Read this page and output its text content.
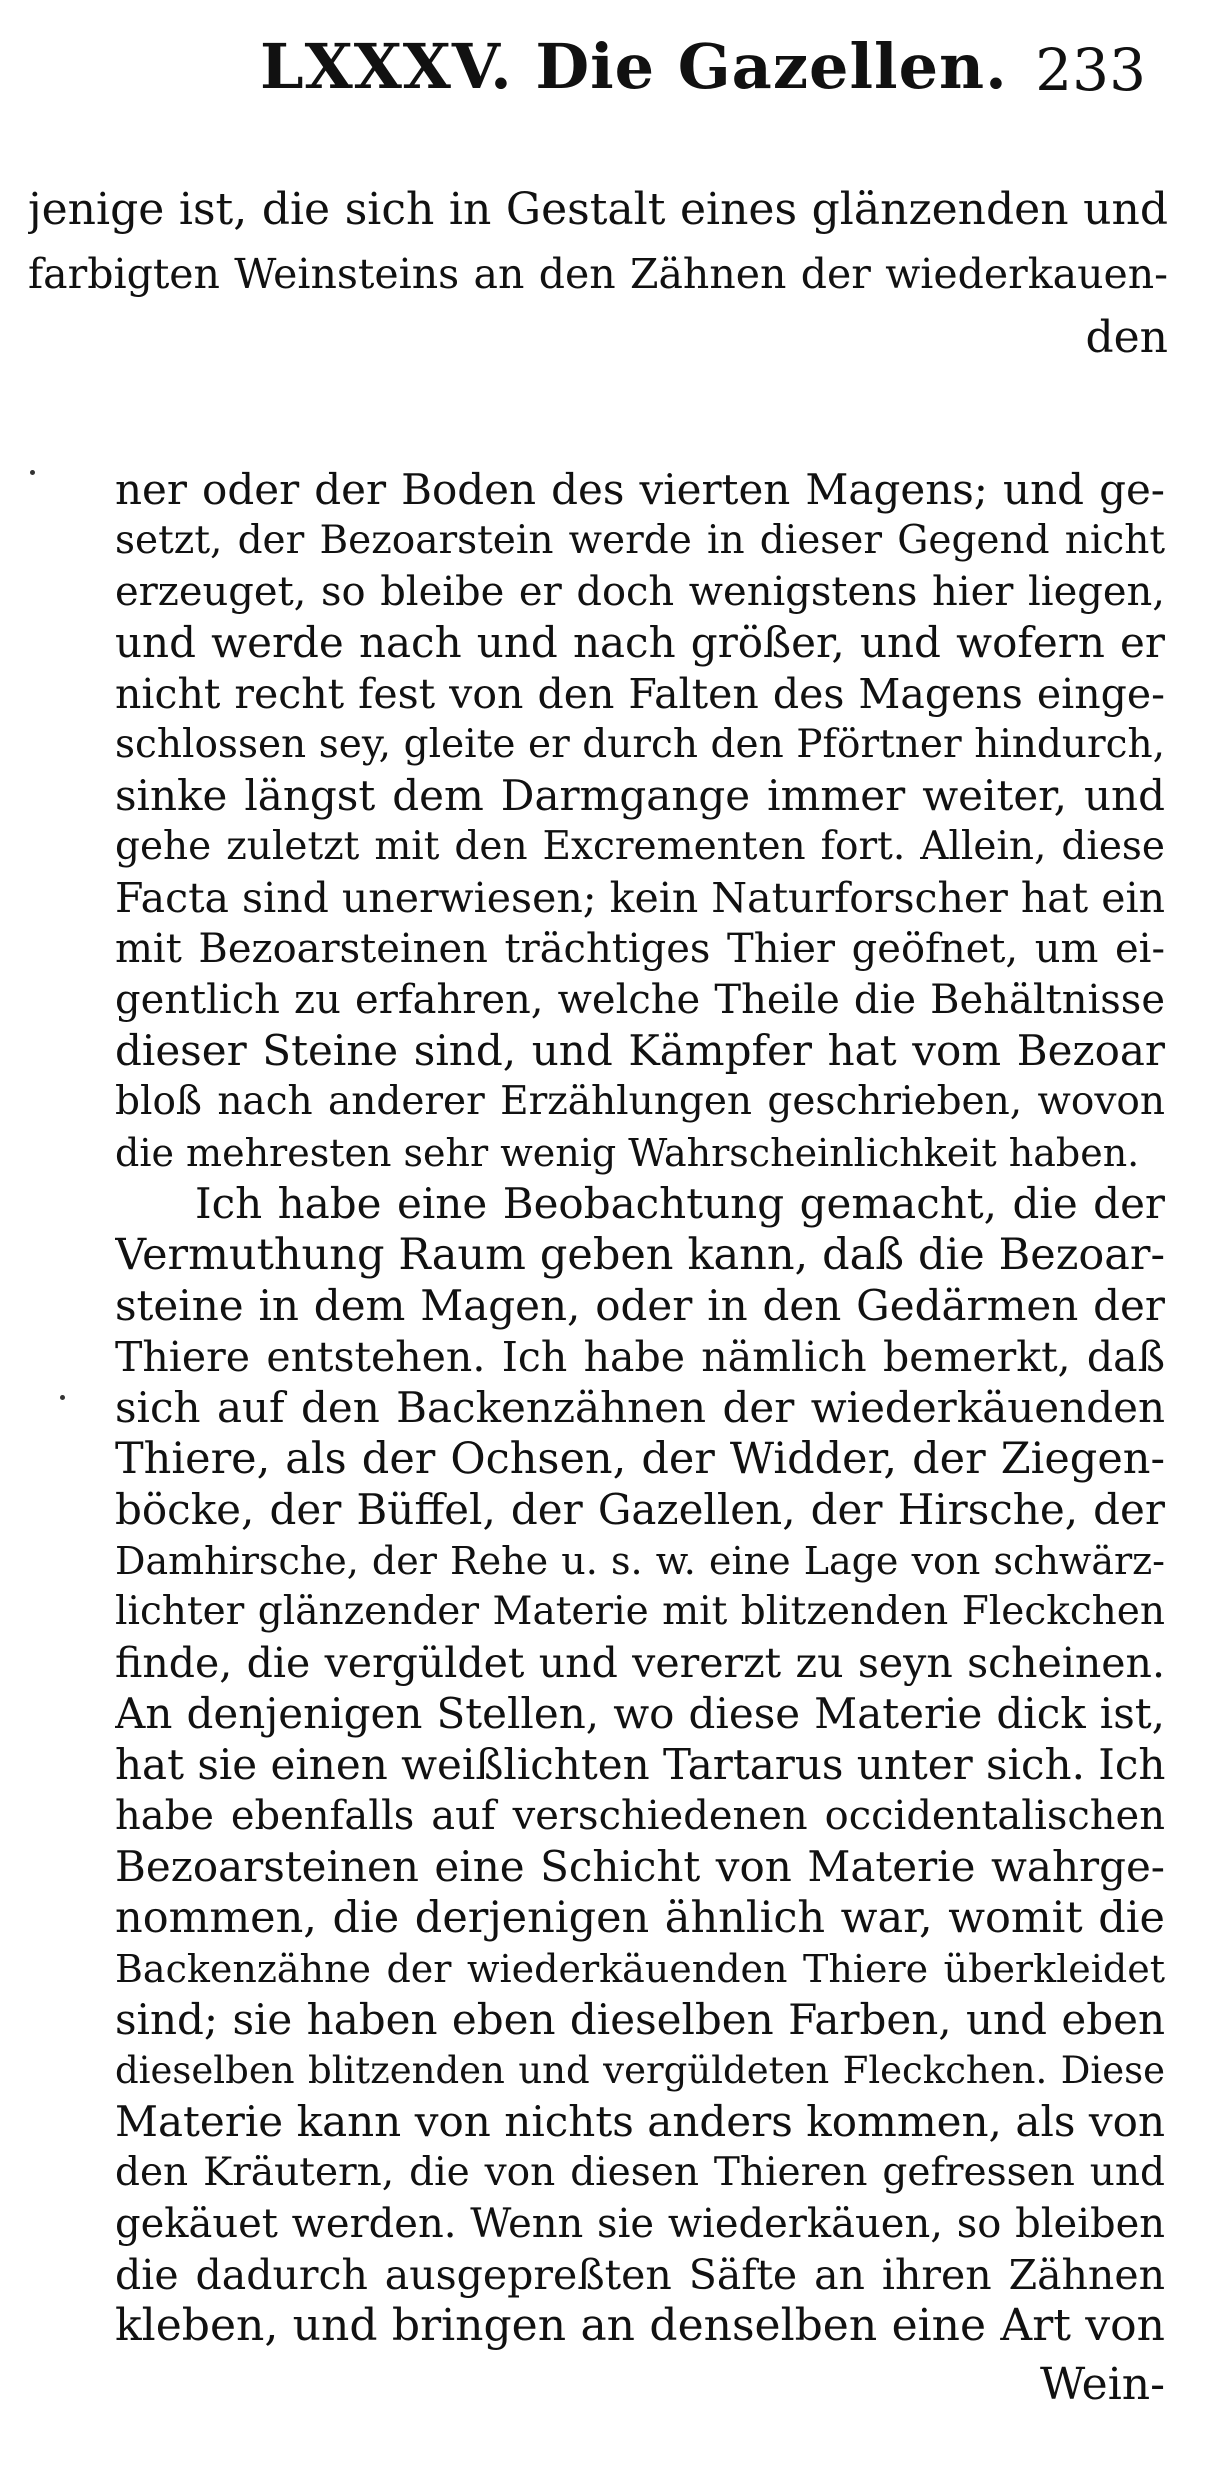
LXXXV. Die Gazellen. 233
jenige ist, die sich in Gestalt eines glänzenden und
farbigten Weinsteins an den Zähnen der wiederkauen-
den
ner oder der Boden des vierten Magens; und ge-
setzt, der Bezoarstein werde in dieser Gegend nicht
erzeuget, so bleibe er doch wenigstens hier liegen,
und werde nach und nach größer, und wofern er
nicht recht fest von den Falten des Magens einge-
schlossen sey, gleite er durch den Pförtner hindurch,
sinke längst dem Darmgange immer weiter, und
gehe zuletzt mit den Excrementen fort. Allein, diese
Facta sind unerwiesen; kein Naturforscher hat ein
mit Bezoarsteinen trächtiges Thier geöfnet, um ei-
gentlich zu erfahren, welche Theile die Behältnisse
dieser Steine sind, und Kämpfer hat vom Bezoar
bloß nach anderer Erzählungen geschrieben, wovon
die mehresten sehr wenig Wahrscheinlichkeit haben.
Ich habe eine Beobachtung gemacht, die der
Vermuthung Raum geben kann, daß die Bezoar-
steine in dem Magen, oder in den Gedärmen der
Thiere entstehen. Ich habe nämlich bemerkt, daß
sich auf den Backenzähnen der wiederkäuenden
Thiere, als der Ochsen, der Widder, der Ziegen-
böcke, der Büffel, der Gazellen, der Hirsche, der
Damhirsche, der Rehe u. s. w. eine Lage von schwärz-
lichter glänzender Materie mit blitzenden Fleckchen
finde, die vergüldet und vererzt zu seyn scheinen.
An denjenigen Stellen, wo diese Materie dick ist,
hat sie einen weißlichten Tartarus unter sich. Ich
habe ebenfalls auf verschiedenen occidentalischen
Bezoarsteinen eine Schicht von Materie wahrge-
nommen, die derjenigen ähnlich war, womit die
Backenzähne der wiederkäuenden Thiere überkleidet
sind; sie haben eben dieselben Farben, und eben
dieselben blitzenden und vergüldeten Fleckchen. Diese
Materie kann von nichts anders kommen, als von
den Kräutern, die von diesen Thieren gefressen und
gekäuet werden. Wenn sie wiederkäuen, so bleiben
die dadurch ausgepreßten Säfte an ihren Zähnen
kleben, und bringen an denselben eine Art von
Wein-
